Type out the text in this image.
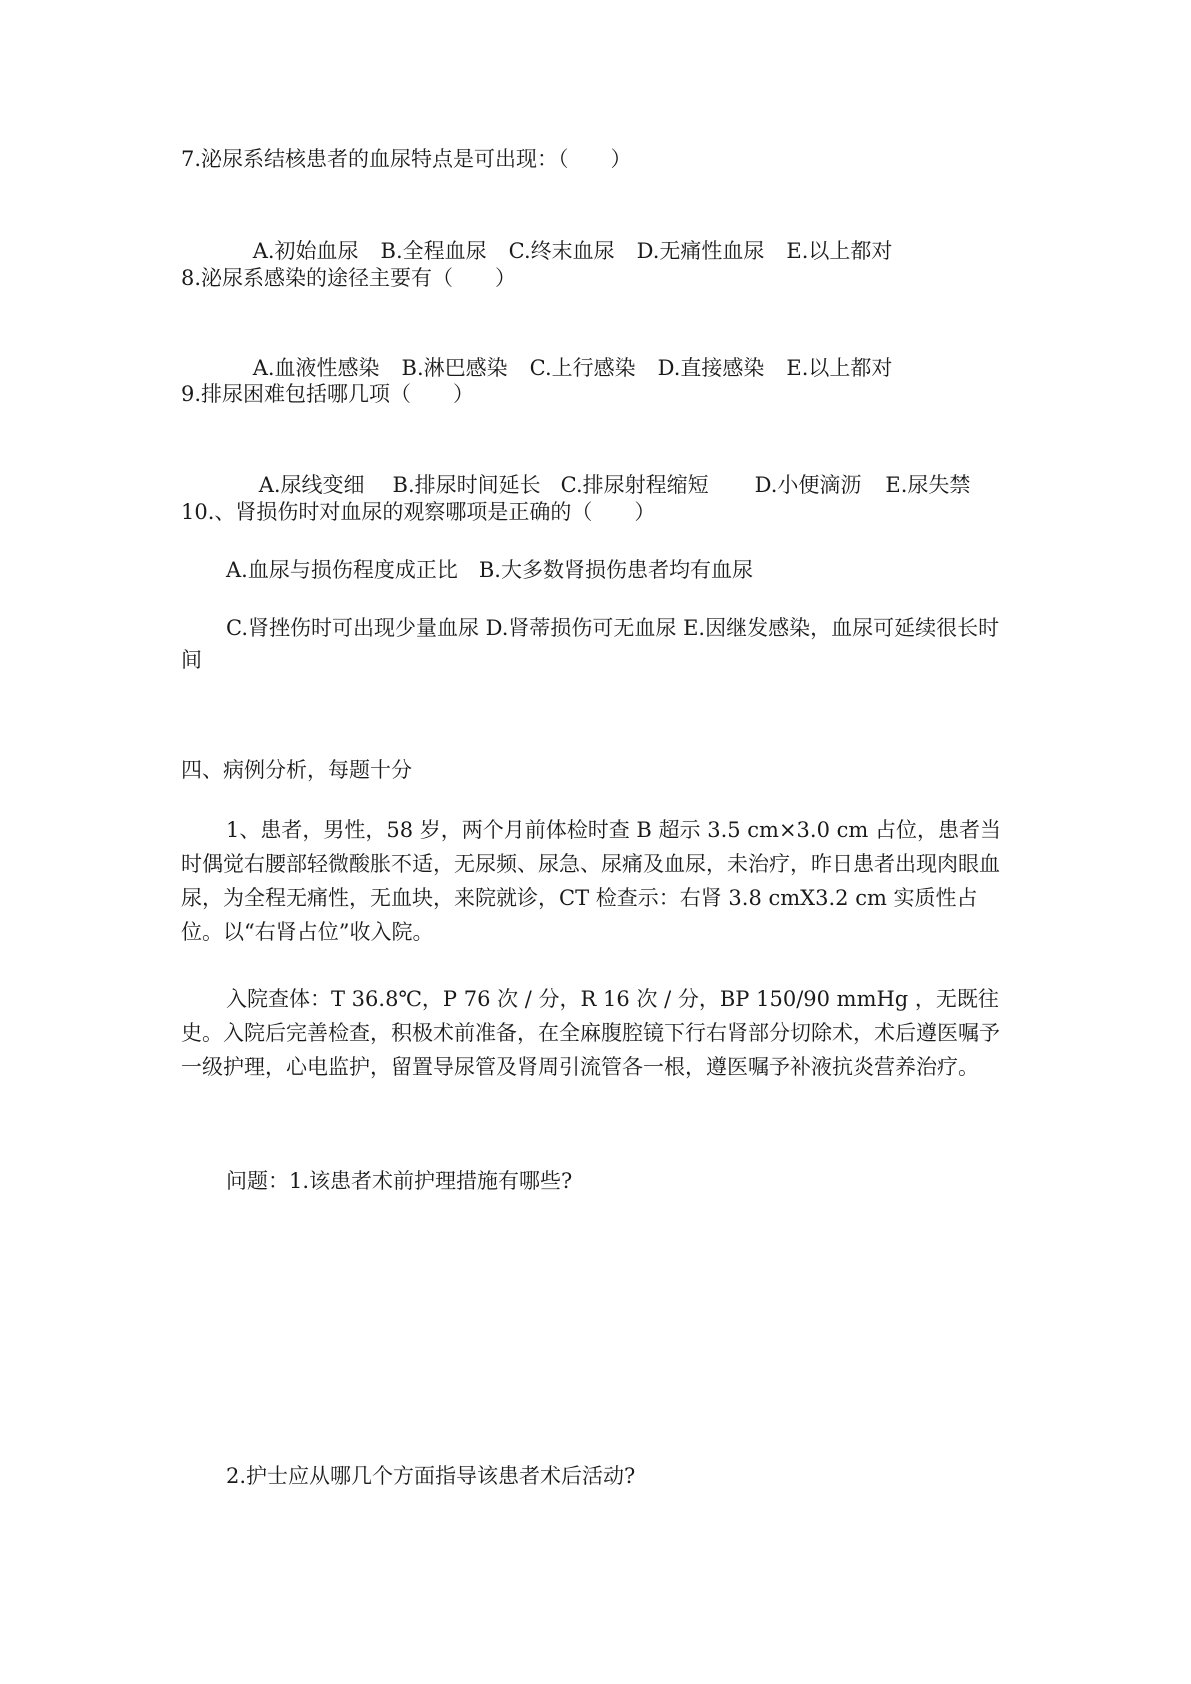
7.泌尿系结核患者的血尿特点是可出现：（　　）

A.初始血尿 B.全程血尿 C.终末血尿 D.无痛性血尿 E.以上都对

8.泌尿系感染的途径主要有（　　）

A.血液性感染 B.淋巴感染 C.上行感染 D.直接感染 E.以上都对

9.排尿困难包括哪几项（　　）

A.尿线变细 B.排尿时间延长 C.排尿射程缩短 D.小便滴沥 E.尿失禁

10.、肾损伤时对血尿的观察哪项是正确的（　　）

A.血尿与损伤程度成正比　B.大多数肾损伤患者均有血尿

C.肾挫伤时可出现少量血尿 D.肾蒂损伤可无血尿 E.因继发感染，血尿可延续很长时间

四、病例分析，每题十分

1、患者，男性，58 岁，两个月前体检时查 B 超示 3.5 cm×3.0 cm 占位，患者当时偶觉右腰部轻微酸胀不适，无尿频、尿急、尿痛及血尿，未治疗，昨日患者出现肉眼血尿，为全程无痛性，无血块，来院就诊，CT 检查示：右肾 3.8 cmX3.2 cm 实质性占位。以“右肾占位”收入院。

入院查体：T 36.8℃，P 76 次 / 分，R 16 次 / 分，BP 150/90 mmHg ，无既往史。入院后完善检查，积极术前准备，在全麻腹腔镜下行右肾部分切除术，术后遵医嘱予一级护理，心电监护，留置导尿管及肾周引流管各一根，遵医嘱予补液抗炎营养治疗。

问题：1.该患者术前护理措施有哪些?

2.护士应从哪几个方面指导该患者术后活动?
